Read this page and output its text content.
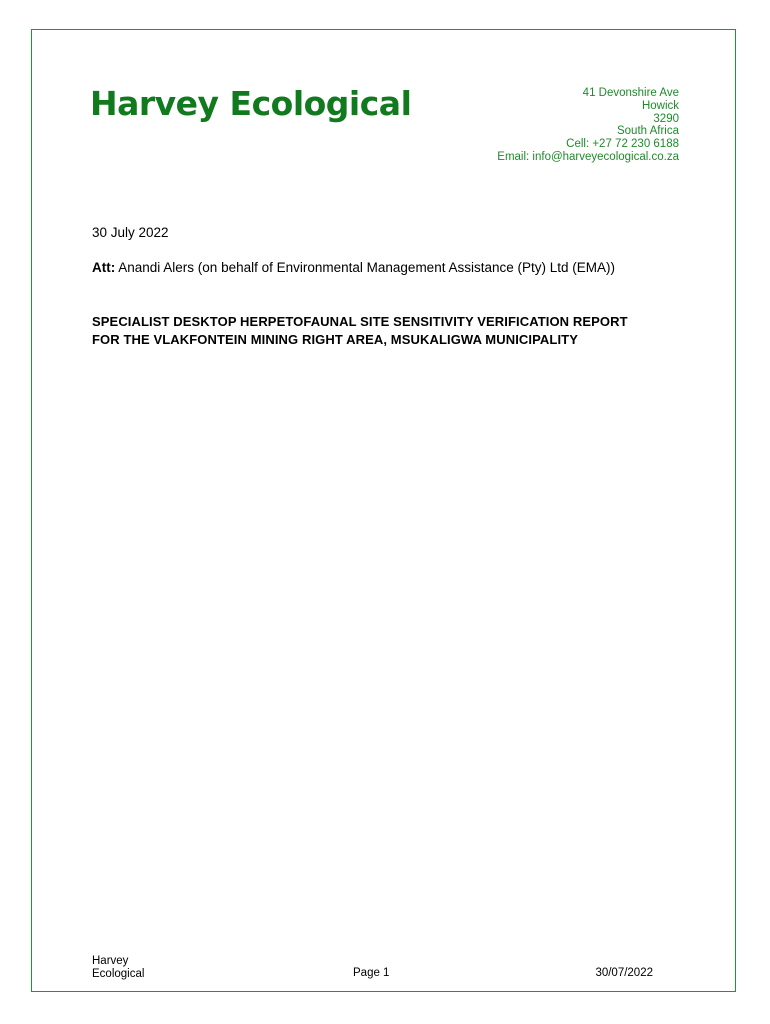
Harvey Ecological	41 Devonshire Ave
Howick
3290
South Africa
Cell: +27 72 230 6188
Email: info@harveyecological.co.za
30 July 2022
Att: Anandi Alers (on behalf of Environmental Management Assistance (Pty) Ltd (EMA))
SPECIALIST DESKTOP HERPETOFAUNAL SITE SENSITIVITY VERIFICATION REPORT
FOR THE VLAKFONTEIN MINING RIGHT AREA, MSUKALIGWA MUNICIPALITY
Harvey
Ecological	Page 1	30/07/2022
